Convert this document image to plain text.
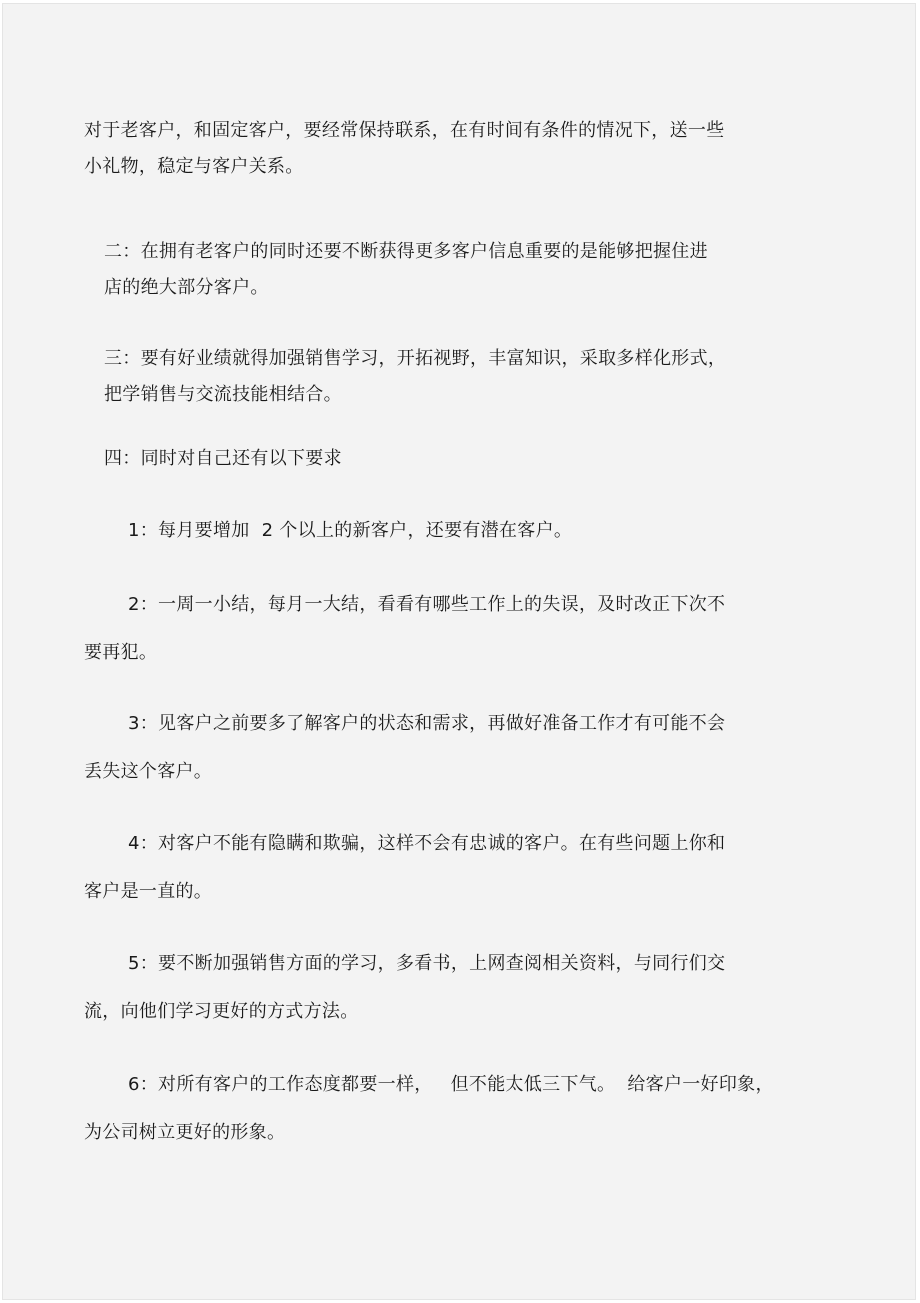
对于老客户，和固定客户，要经常保持联系，在有时间有条件的情况下，送一些
小礼物，稳定与客户关系。
二：在拥有老客户的同时还要不断获得更多客户信息重要的是能够把握住进
店的绝大部分客户。
三：要有好业绩就得加强销售学习，开拓视野，丰富知识，采取多样化形式，
把学销售与交流技能相结合。
四：同时对自己还有以下要求
1：每月要增加  2 个以上的新客户，还要有潜在客户。
2：一周一小结，每月一大结，看看有哪些工作上的失误，及时改正下次不
要再犯。
3：见客户之前要多了解客户的状态和需求，再做好准备工作才有可能不会
丢失这个客户。
4：对客户不能有隐瞒和欺骗，这样不会有忠诚的客户。在有些问题上你和
客户是一直的。
5：要不断加强销售方面的学习，多看书，上网查阅相关资料，与同行们交
流，向他们学习更好的方式方法。
6：对所有客户的工作态度都要一样，   但不能太低三下气。  给客户一好印象，
为公司树立更好的形象。
